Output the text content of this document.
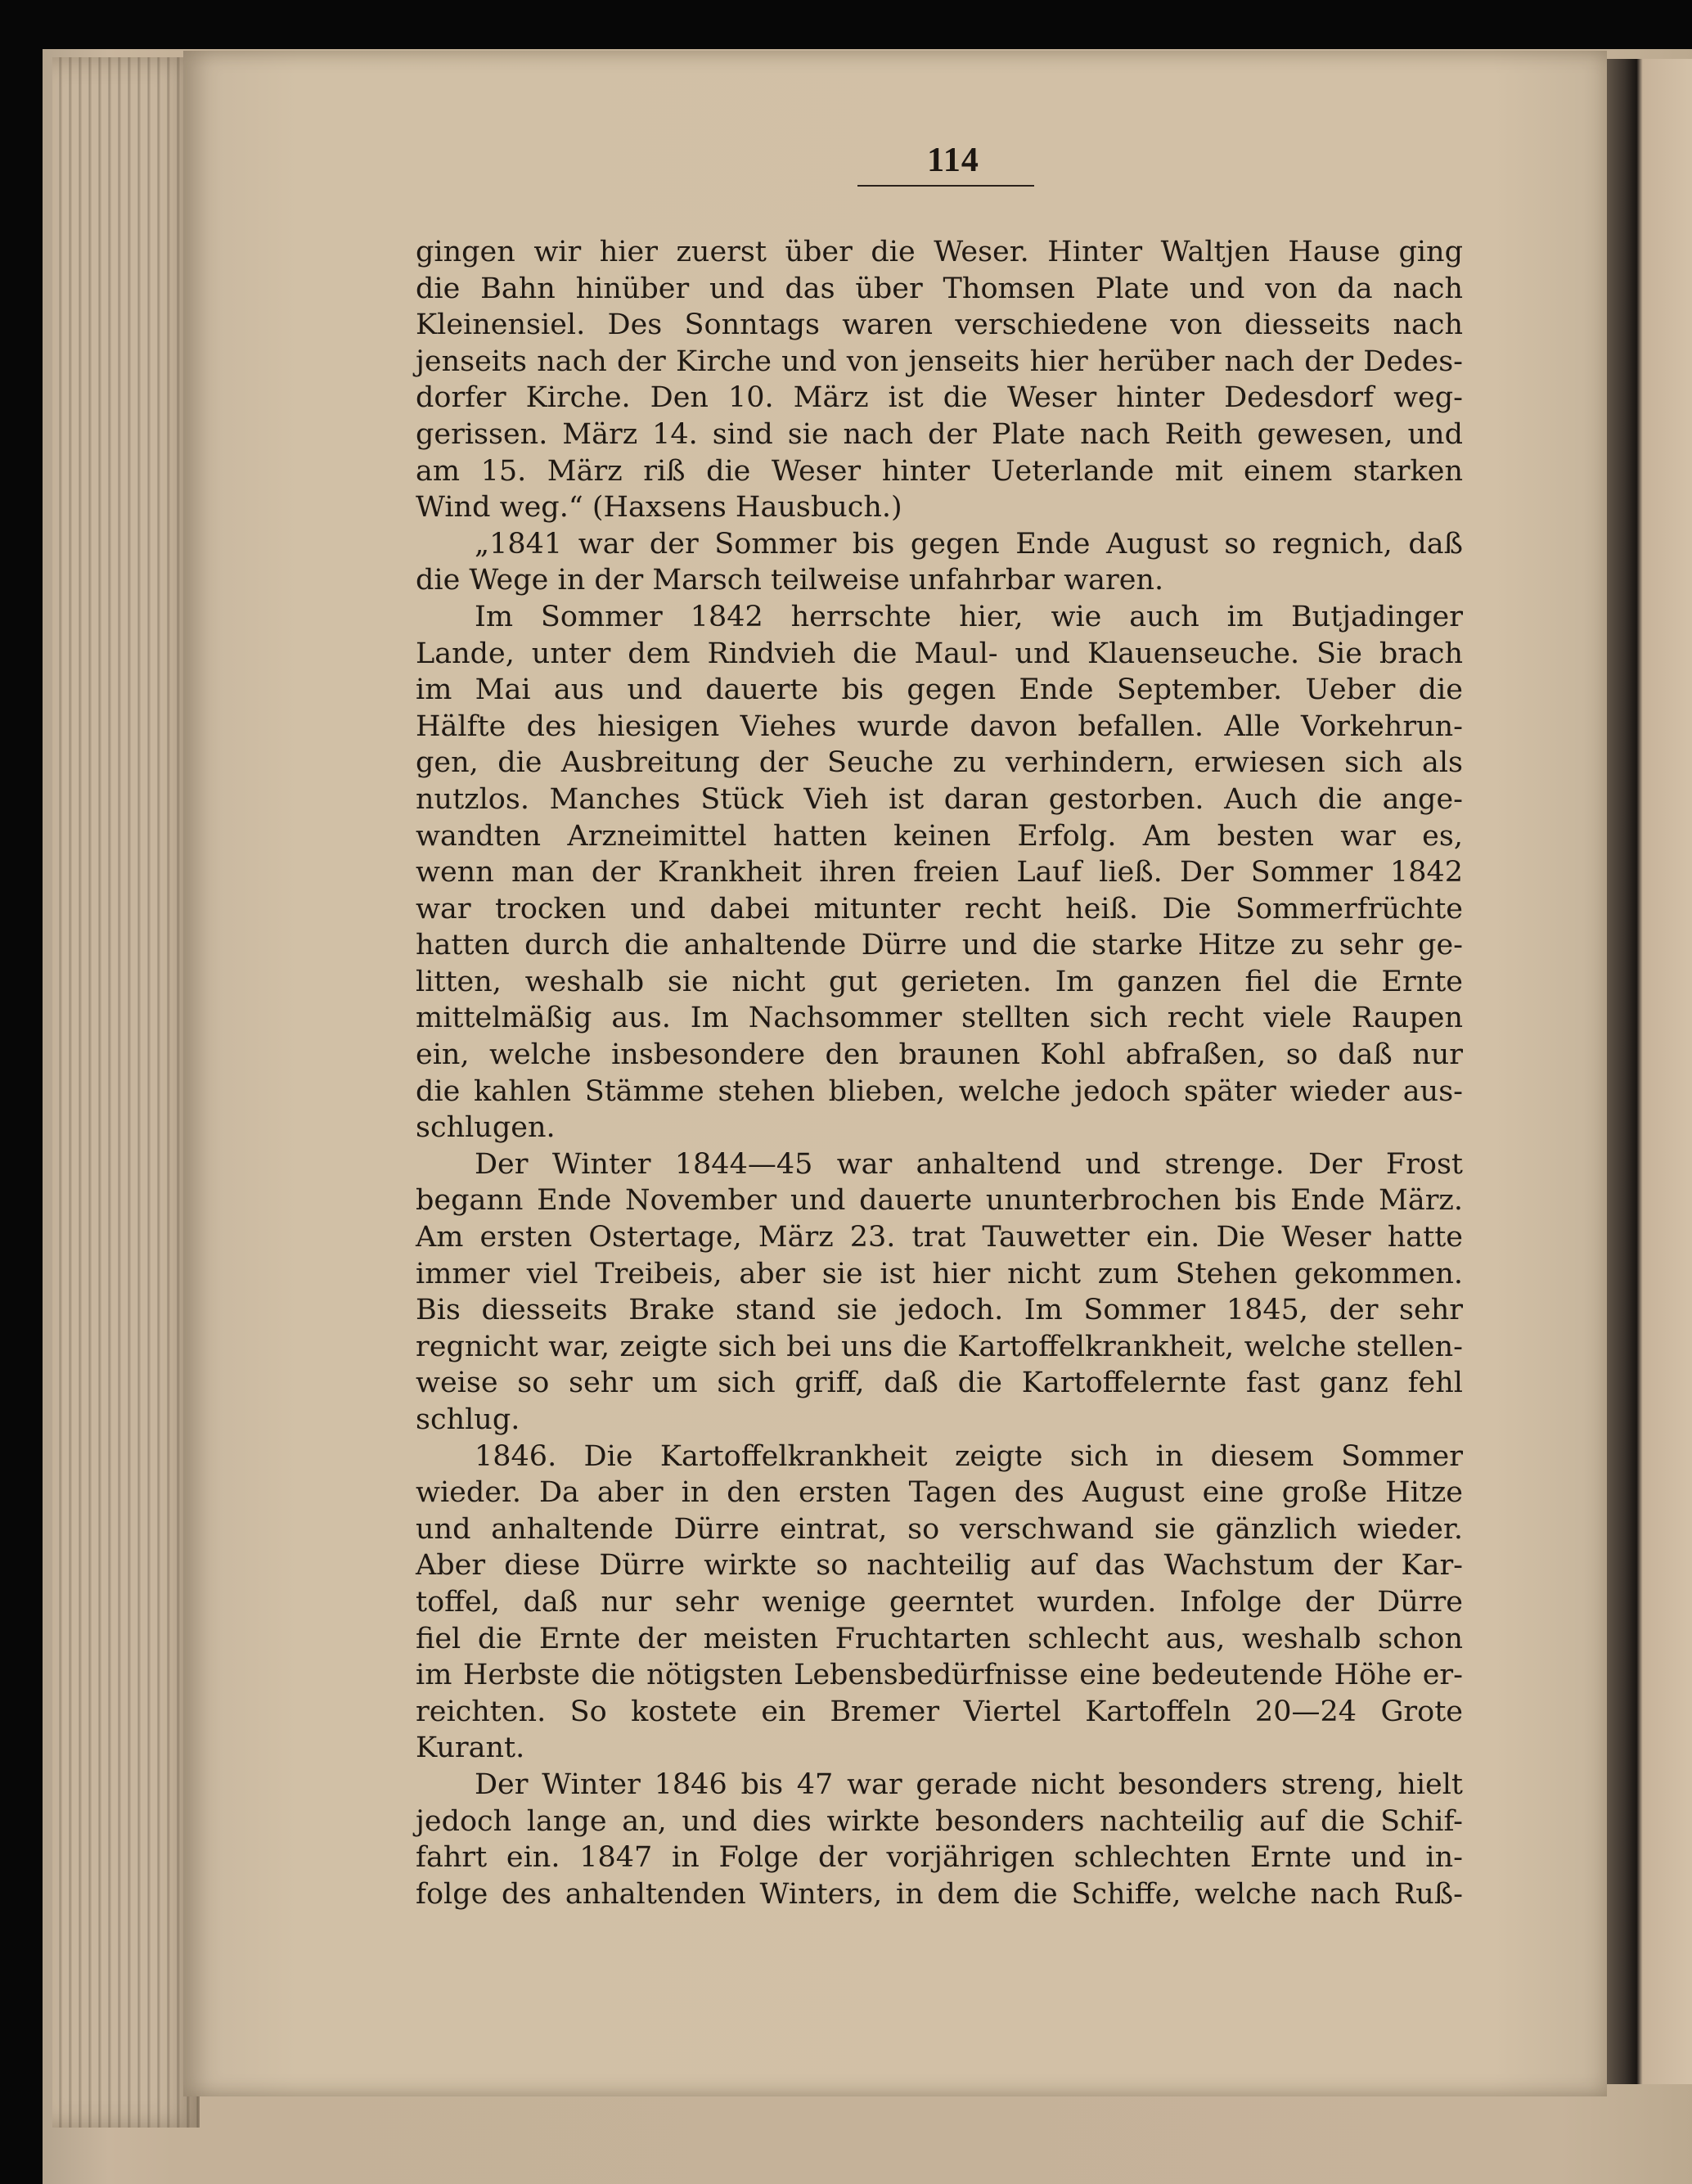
114
gingen wir hier zuerst über die Weser. Hinter Waltjen Hause ging
die Bahn hinüber und das über Thomsen Plate und von da nach
Kleinensiel. Des Sonntags waren verschiedene von diesseits nach
jenseits nach der Kirche und von jenseits hier herüber nach der Dedes-
dorfer Kirche. Den 10. März ist die Weser hinter Dedesdorf weg-
gerissen. März 14. sind sie nach der Plate nach Reith gewesen, und
am 15. März riß die Weser hinter Ueterlande mit einem starken
Wind weg.“ (Haxsens Hausbuch.)
„1841 war der Sommer bis gegen Ende August so regnich, daß
die Wege in der Marsch teilweise unfahrbar waren.
Im Sommer 1842 herrschte hier, wie auch im Butjadinger
Lande, unter dem Rindvieh die Maul- und Klauenseuche. Sie brach
im Mai aus und dauerte bis gegen Ende September. Ueber die
Hälfte des hiesigen Viehes wurde davon befallen. Alle Vorkehrun-
gen, die Ausbreitung der Seuche zu verhindern, erwiesen sich als
nutzlos. Manches Stück Vieh ist daran gestorben. Auch die ange-
wandten Arzneimittel hatten keinen Erfolg. Am besten war es,
wenn man der Krankheit ihren freien Lauf ließ. Der Sommer 1842
war trocken und dabei mitunter recht heiß. Die Sommerfrüchte
hatten durch die anhaltende Dürre und die starke Hitze zu sehr ge-
litten, weshalb sie nicht gut gerieten. Im ganzen fiel die Ernte
mittelmäßig aus. Im Nachsommer stellten sich recht viele Raupen
ein, welche insbesondere den braunen Kohl abfraßen, so daß nur
die kahlen Stämme stehen blieben, welche jedoch später wieder aus-
schlugen.
Der Winter 1844—45 war anhaltend und strenge. Der Frost
begann Ende November und dauerte ununterbrochen bis Ende März.
Am ersten Ostertage, März 23. trat Tauwetter ein. Die Weser hatte
immer viel Treibeis, aber sie ist hier nicht zum Stehen gekommen.
Bis diesseits Brake stand sie jedoch. Im Sommer 1845, der sehr
regnicht war, zeigte sich bei uns die Kartoffelkrankheit, welche stellen-
weise so sehr um sich griff, daß die Kartoffelernte fast ganz fehl
schlug.
1846. Die Kartoffelkrankheit zeigte sich in diesem Sommer
wieder. Da aber in den ersten Tagen des August eine große Hitze
und anhaltende Dürre eintrat, so verschwand sie gänzlich wieder.
Aber diese Dürre wirkte so nachteilig auf das Wachstum der Kar-
toffel, daß nur sehr wenige geerntet wurden. Infolge der Dürre
fiel die Ernte der meisten Fruchtarten schlecht aus, weshalb schon
im Herbste die nötigsten Lebensbedürfnisse eine bedeutende Höhe er-
reichten. So kostete ein Bremer Viertel Kartoffeln 20—24 Grote
Kurant.
Der Winter 1846 bis 47 war gerade nicht besonders streng, hielt
jedoch lange an, und dies wirkte besonders nachteilig auf die Schif-
fahrt ein. 1847 in Folge der vorjährigen schlechten Ernte und in-
folge des anhaltenden Winters, in dem die Schiffe, welche nach Ruß-
